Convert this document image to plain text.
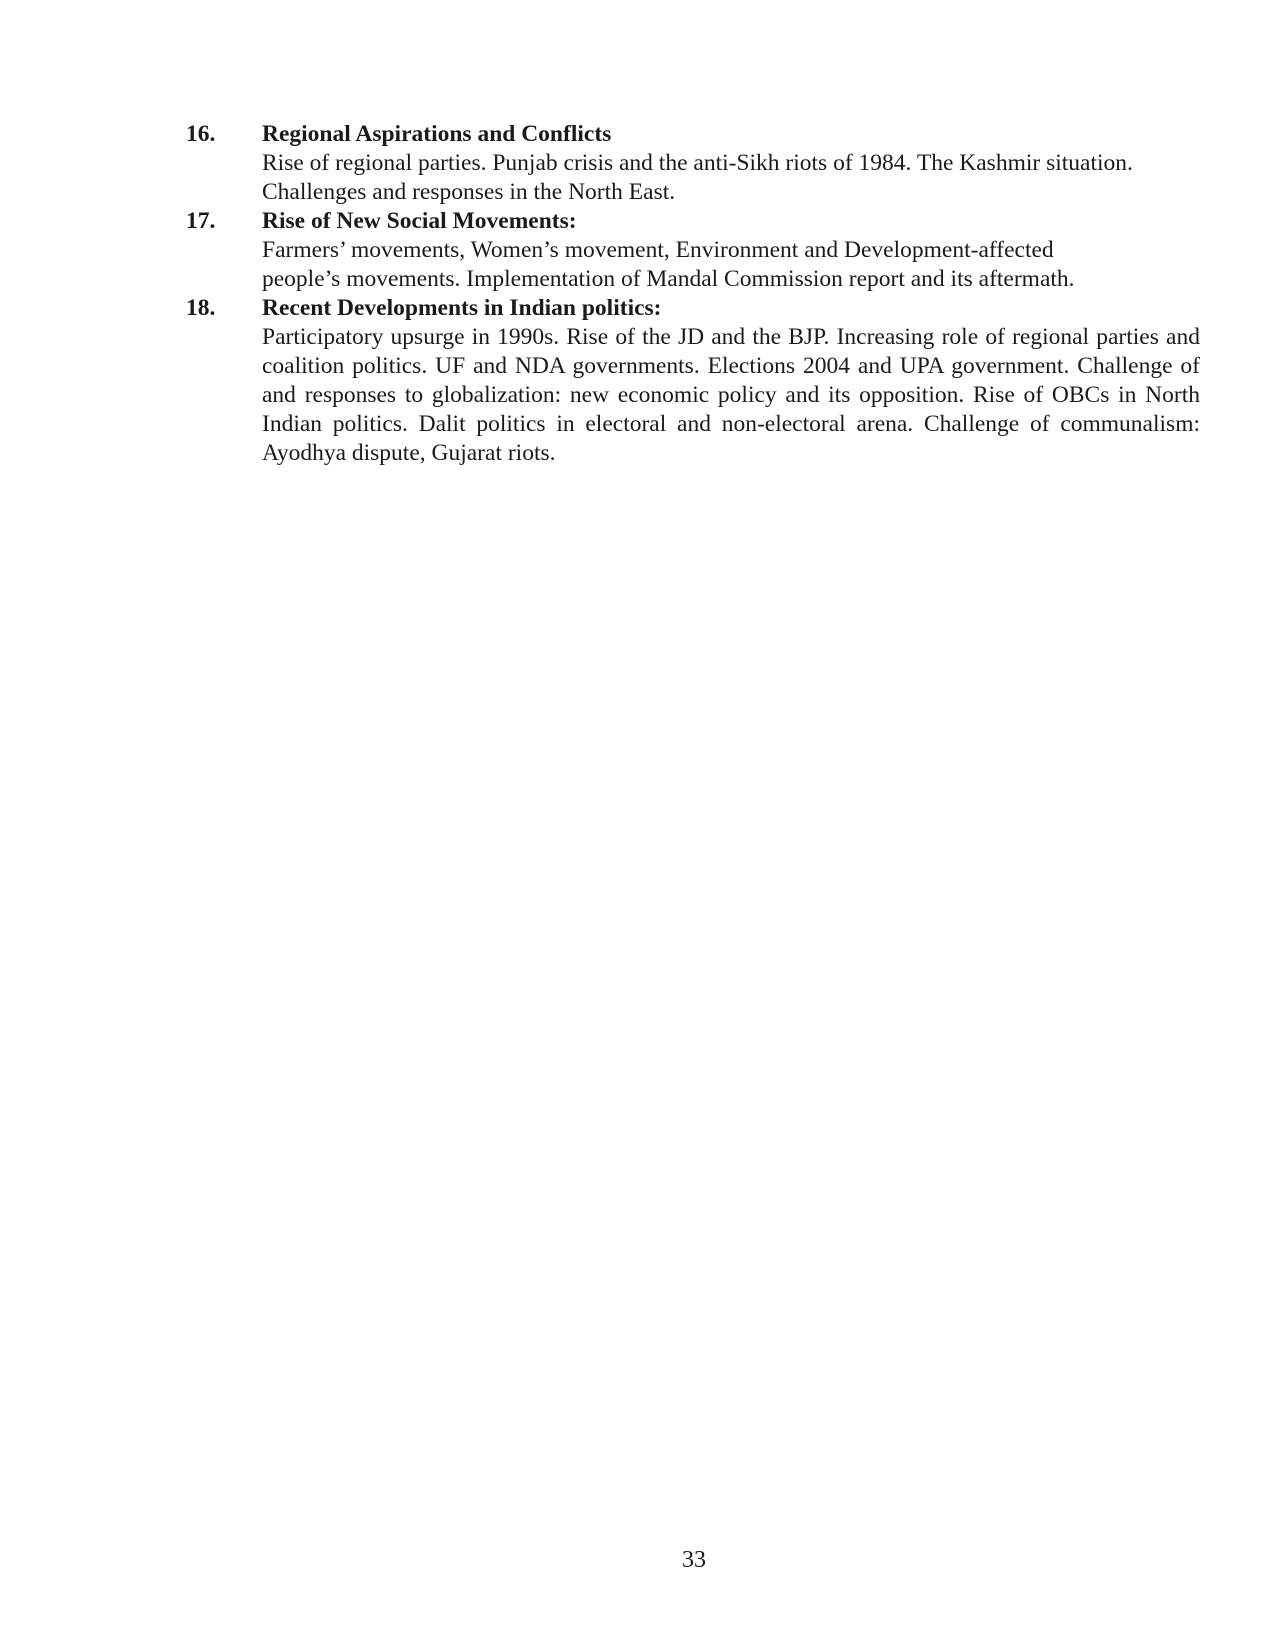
16.	Regional Aspirations and Conflicts
Rise of regional parties. Punjab crisis and the anti-Sikh riots of 1984. The Kashmir situation. Challenges and responses in the North East.
17.	Rise of New Social Movements:
Farmers’ movements, Women’s movement, Environment and Development-affected
people’s movements. Implementation of Mandal Commission report and its aftermath.
18.	Recent Developments in Indian politics:

Participatory upsurge in 1990s. Rise of the JD and the BJP. Increasing role of regional parties and coalition politics. UF and NDA governments. Elections 2004 and UPA government. Challenge of and responses to globalization: new economic policy and its opposition. Rise of OBCs in North Indian politics. Dalit politics in electoral and non-electoral arena. Challenge of communalism: Ayodhya dispute, Gujarat riots.

33
